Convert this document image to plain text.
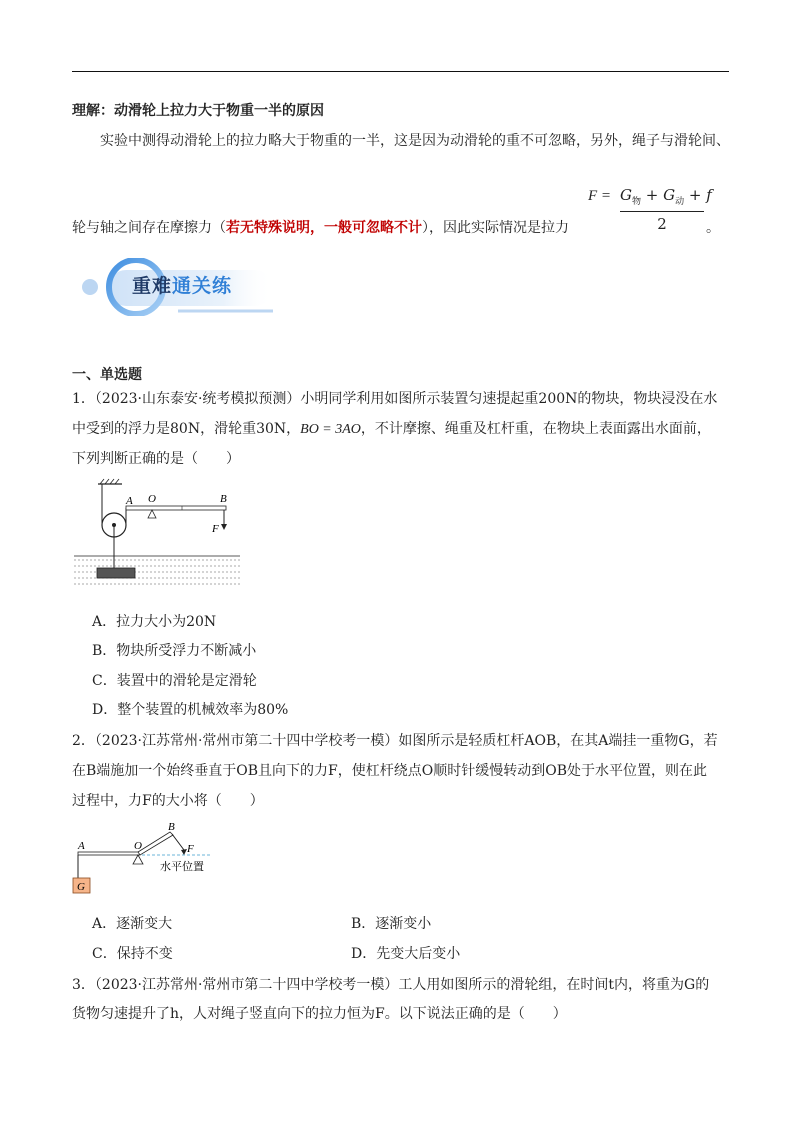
理解：动滑轮上拉力大于物重一半的原因
实验中测得动滑轮上的拉力略大于物重的一半，这是因为动滑轮的重不可忽略，另外，绳子与滑轮间、
轮与轴之间存在摩擦力（若无特殊说明，一般可忽略不计），因此实际情况是拉力
$F = G_物 + G_动 + f$
2	。
重难通关练
一、单选题
1．（2023·山东泰安·统考模拟预测）小明同学利用如图所示装置匀速提起重200N的物块，物块浸没在水
中受到的浮力是80N，滑轮重30N，BO = 3AO，不计摩擦、绳重及杠杆重，在物块上表面露出水面前，
下列判断正确的是（　　）
A O	B
F
A．拉力大小为20N
B．物块所受浮力不断减小
C．装置中的滑轮是定滑轮
D．整个装置的机械效率为80%
2．（2023·江苏常州·常州市第二十四中学校考一模）如图所示是轻质杠杆AOB，在其A端挂一重物G，若
在B端施加一个始终垂直于OB且向下的力F，使杠杆绕点O顺时针缓慢转动到OB处于水平位置，则在此
过程中，力F的大小将（　　）
G
A	O
B
F
水平位置
A．逐渐变大	B．逐渐变小
C．保持不变	D．先变大后变小
3．（2023·江苏常州·常州市第二十四中学校考一模）工人用如图所示的滑轮组，在时间t内，将重为G的
货物匀速提升了h，人对绳子竖直向下的拉力恒为F。以下说法正确的是（　　）
